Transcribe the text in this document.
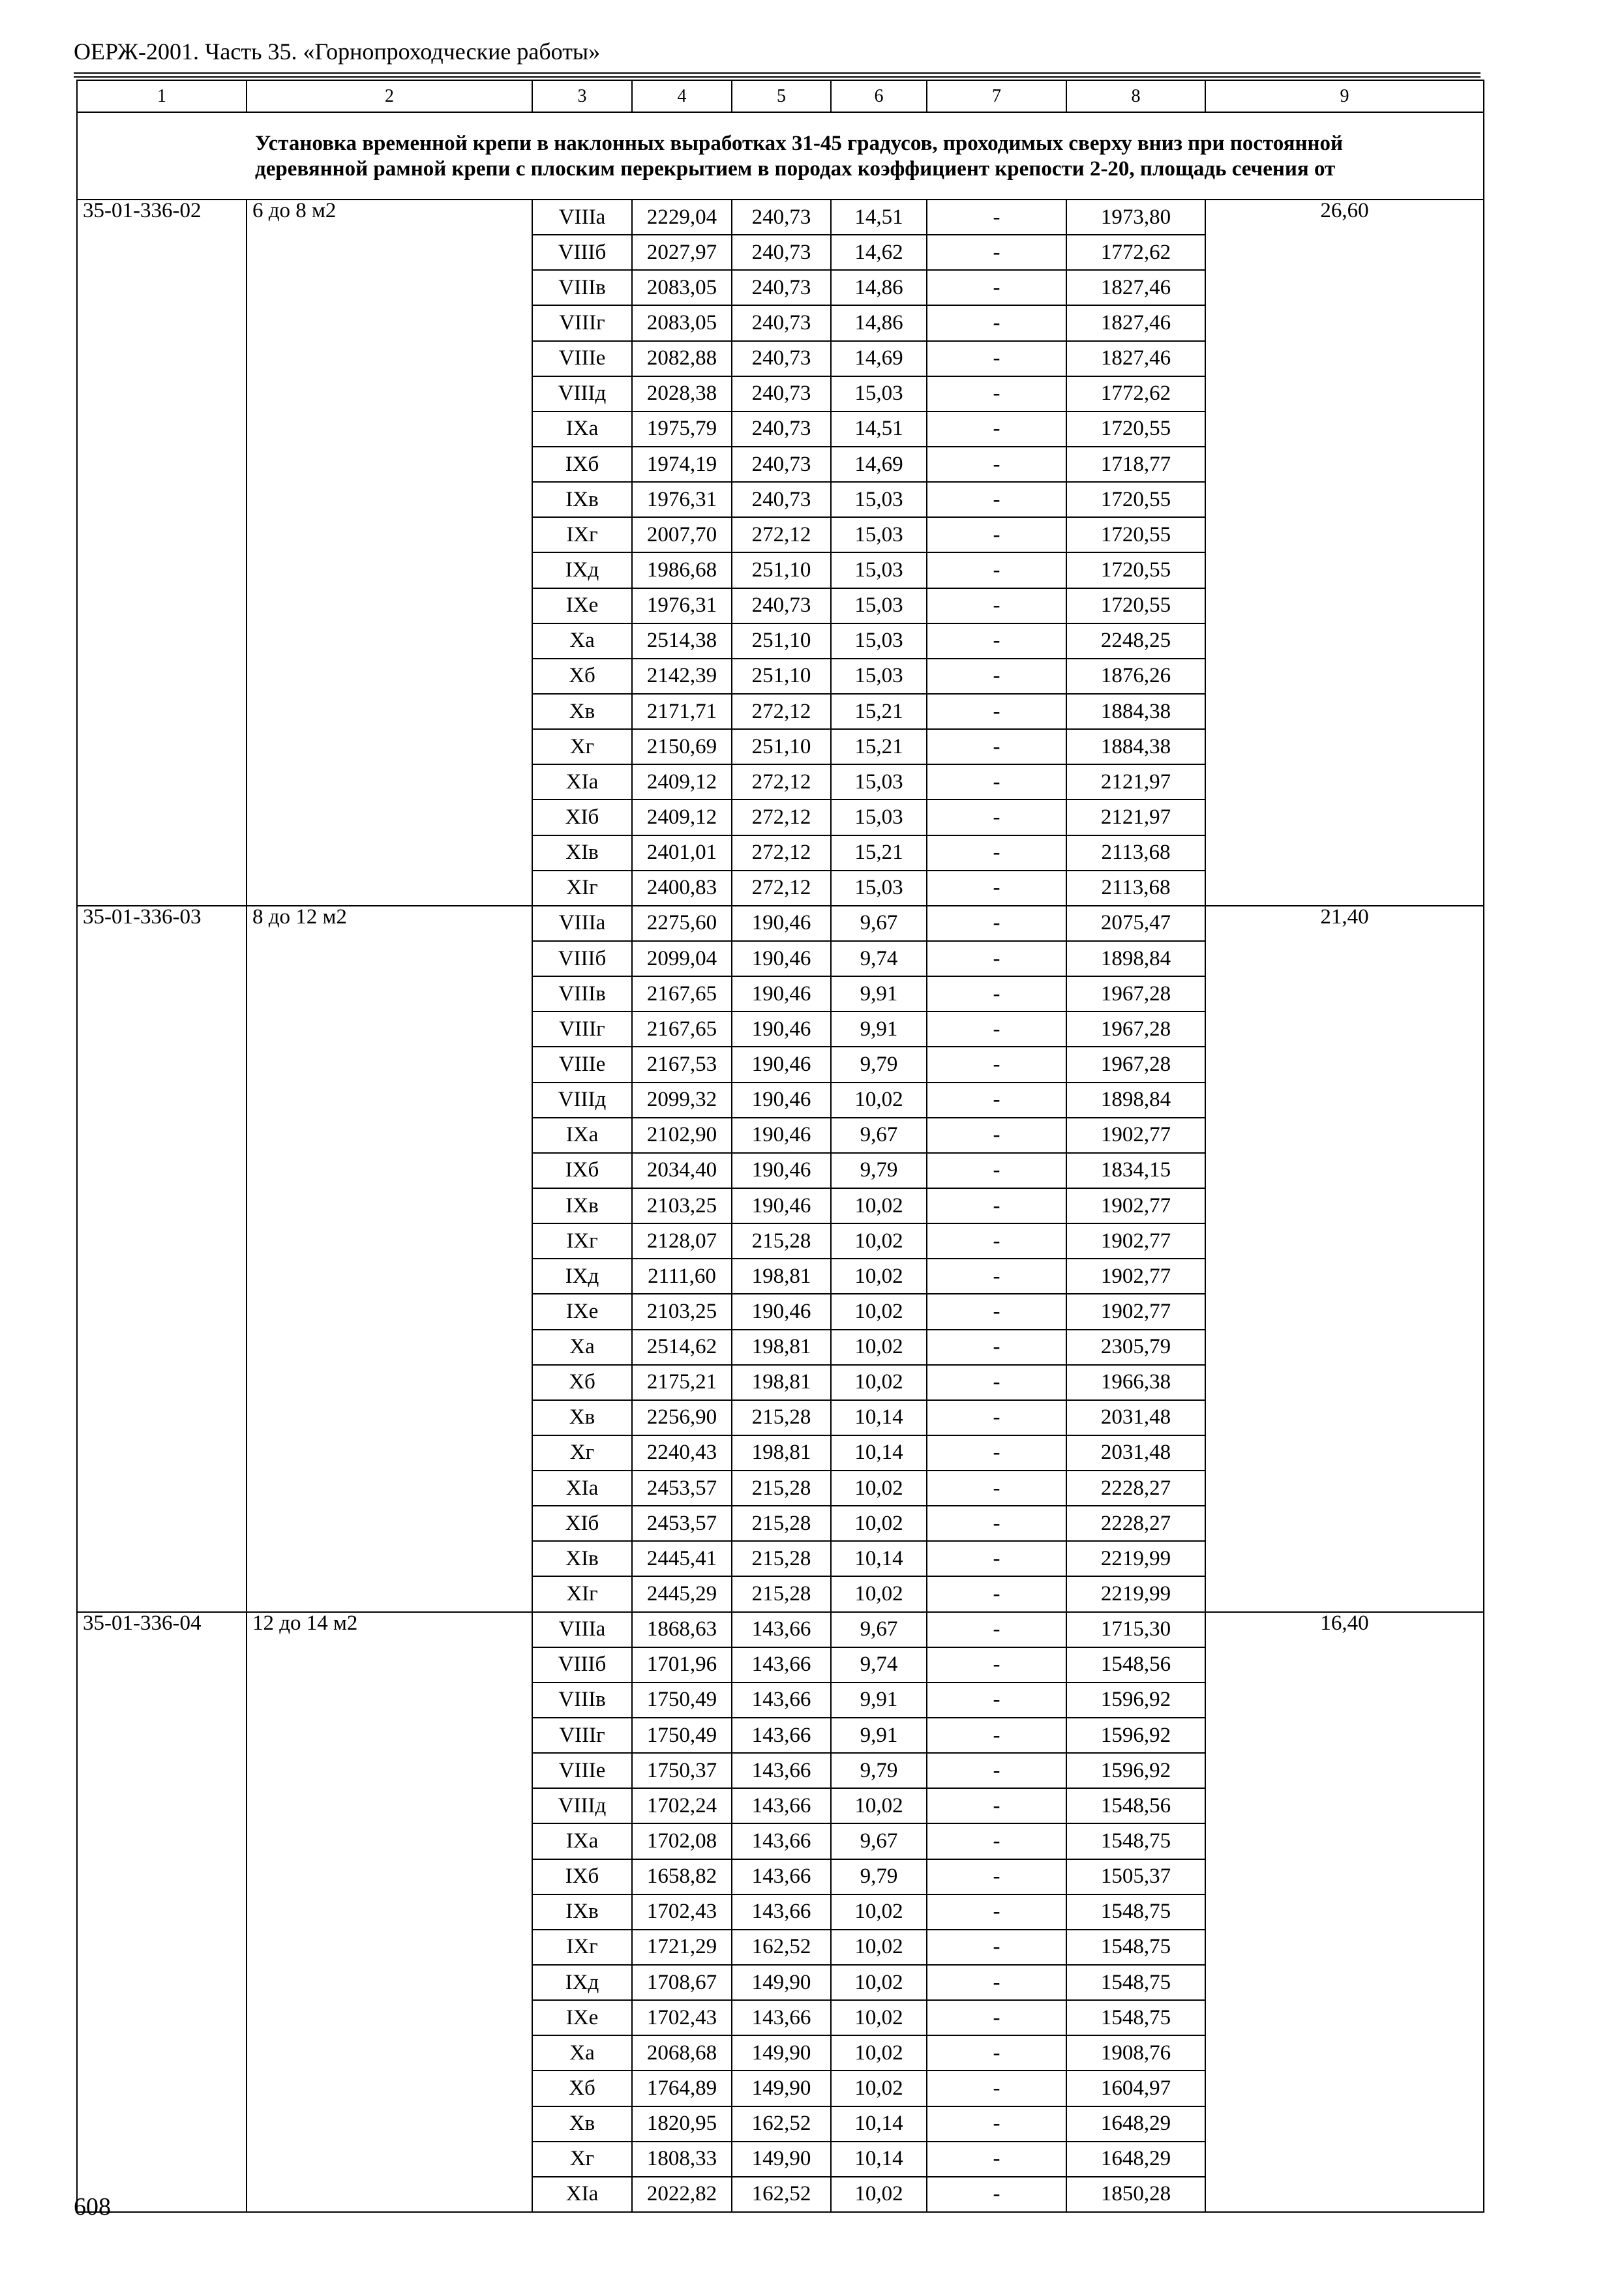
ОЕРЖ-2001. Часть 35. «Горнопроходческие работы»
1	2	3	4	5	6	7	8	9
Установка временной крепи в наклонных выработках 31-45 градусов, проходимых сверху вниз при постоянной деревянной рамной крепи с плоским перекрытием в породах коэффициент крепости 2-20, площадь сечения от								
35-01-336-02	6 до 8 м2	VIIIа	2229,04	240,73	14,51	-	1973,80	26,60
		VIIIб	2027,97	240,73	14,62	-	1772,62	
		VIIIв	2083,05	240,73	14,86	-	1827,46	
		VIIIг	2083,05	240,73	14,86	-	1827,46	
		VIIIе	2082,88	240,73	14,69	-	1827,46	
		VIIIд	2028,38	240,73	15,03	-	1772,62	
		IXа	1975,79	240,73	14,51	-	1720,55	
		IXб	1974,19	240,73	14,69	-	1718,77	
		IXв	1976,31	240,73	15,03	-	1720,55	
		IXг	2007,70	272,12	15,03	-	1720,55	
		IXд	1986,68	251,10	15,03	-	1720,55	
		IXе	1976,31	240,73	15,03	-	1720,55	
		Xа	2514,38	251,10	15,03	-	2248,25	
		Xб	2142,39	251,10	15,03	-	1876,26	
		Xв	2171,71	272,12	15,21	-	1884,38	
		Xг	2150,69	251,10	15,21	-	1884,38	
		XIа	2409,12	272,12	15,03	-	2121,97	
		XIб	2409,12	272,12	15,03	-	2121,97	
		XIв	2401,01	272,12	15,21	-	2113,68	
		XIг	2400,83	272,12	15,03	-	2113,68	
35-01-336-03	8 до 12 м2	VIIIа	2275,60	190,46	9,67	-	2075,47	21,40
		VIIIб	2099,04	190,46	9,74	-	1898,84	
		VIIIв	2167,65	190,46	9,91	-	1967,28	
		VIIIг	2167,65	190,46	9,91	-	1967,28	
		VIIIе	2167,53	190,46	9,79	-	1967,28	
		VIIIд	2099,32	190,46	10,02	-	1898,84	
		IXа	2102,90	190,46	9,67	-	1902,77	
		IXб	2034,40	190,46	9,79	-	1834,15	
		IXв	2103,25	190,46	10,02	-	1902,77	
		IXг	2128,07	215,28	10,02	-	1902,77	
		IXд	2111,60	198,81	10,02	-	1902,77	
		IXе	2103,25	190,46	10,02	-	1902,77	
		Xа	2514,62	198,81	10,02	-	2305,79	
		Xб	2175,21	198,81	10,02	-	1966,38	
		Xв	2256,90	215,28	10,14	-	2031,48	
		Xг	2240,43	198,81	10,14	-	2031,48	
		XIа	2453,57	215,28	10,02	-	2228,27	
		XIб	2453,57	215,28	10,02	-	2228,27	
		XIв	2445,41	215,28	10,14	-	2219,99	
		XIг	2445,29	215,28	10,02	-	2219,99	
35-01-336-04	12 до 14 м2	VIIIа	1868,63	143,66	9,67	-	1715,30	16,40
		VIIIб	1701,96	143,66	9,74	-	1548,56	
		VIIIв	1750,49	143,66	9,91	-	1596,92	
		VIIIг	1750,49	143,66	9,91	-	1596,92	
		VIIIе	1750,37	143,66	9,79	-	1596,92	
		VIIIд	1702,24	143,66	10,02	-	1548,56	
		IXа	1702,08	143,66	9,67	-	1548,75	
		IXб	1658,82	143,66	9,79	-	1505,37	
		IXв	1702,43	143,66	10,02	-	1548,75	
		IXг	1721,29	162,52	10,02	-	1548,75	
		IXд	1708,67	149,90	10,02	-	1548,75	
		IXе	1702,43	143,66	10,02	-	1548,75	
		Xа	2068,68	149,90	10,02	-	1908,76	
		Xб	1764,89	149,90	10,02	-	1604,97	
		Xв	1820,95	162,52	10,14	-	1648,29	
		Xг	1808,33	149,90	10,14	-	1648,29	
		XIа	2022,82	162,52	10,02	-	1850,28	
608
